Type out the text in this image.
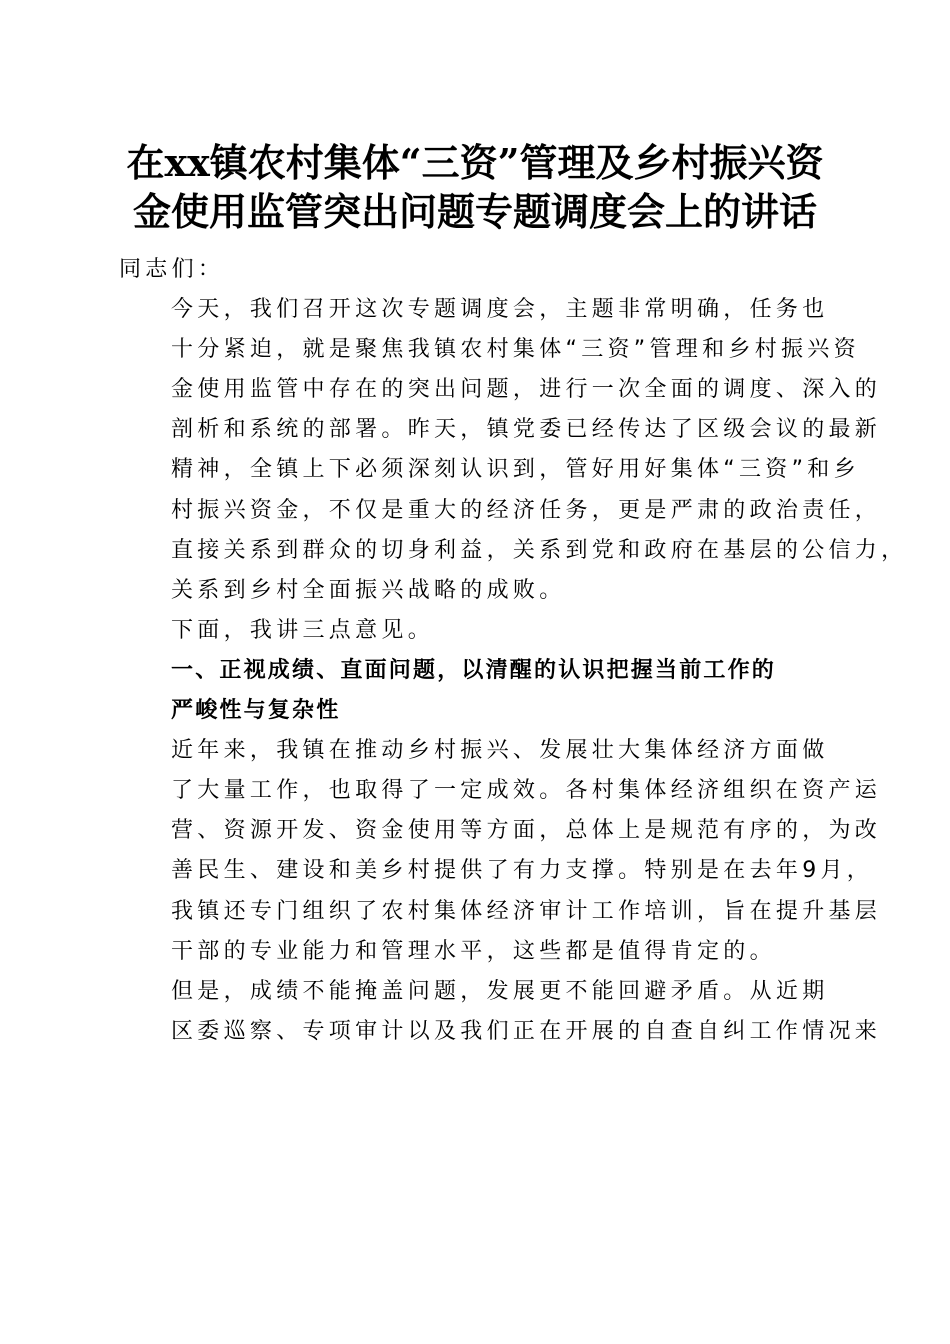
在xx镇农村集体“三资”管理及乡村振兴资
金使用监管突出问题专题调度会上的讲话

同志们：

今天，我们召开这次专题调度会，主题非常明确，任务也
十分紧迫，就是聚焦我镇农村集体“三资”管理和乡村振兴资
金使用监管中存在的突出问题，进行一次全面的调度、深入的
剖析和系统的部署。昨天，镇党委已经传达了区级会议的最新
精神，全镇上下必须深刻认识到，管好用好集体“三资”和乡
村振兴资金，不仅是重大的经济任务，更是严肃的政治责任，
直接关系到群众的切身利益，关系到党和政府在基层的公信力，
关系到乡村全面振兴战略的成败。

下面，我讲三点意见。

一、正视成绩、直面问题，以清醒的认识把握当前工作的
严峻性与复杂性

近年来，我镇在推动乡村振兴、发展壮大集体经济方面做
了大量工作，也取得了一定成效。各村集体经济组织在资产运
营、资源开发、资金使用等方面，总体上是规范有序的，为改
善民生、建设和美乡村提供了有力支撑。特别是在去年9月，
我镇还专门组织了农村集体经济审计工作培训，旨在提升基层
干部的专业能力和管理水平，这些都是值得肯定的。

但是，成绩不能掩盖问题，发展更不能回避矛盾。从近期
区委巡察、专项审计以及我们正在开展的自查自纠工作情况来
